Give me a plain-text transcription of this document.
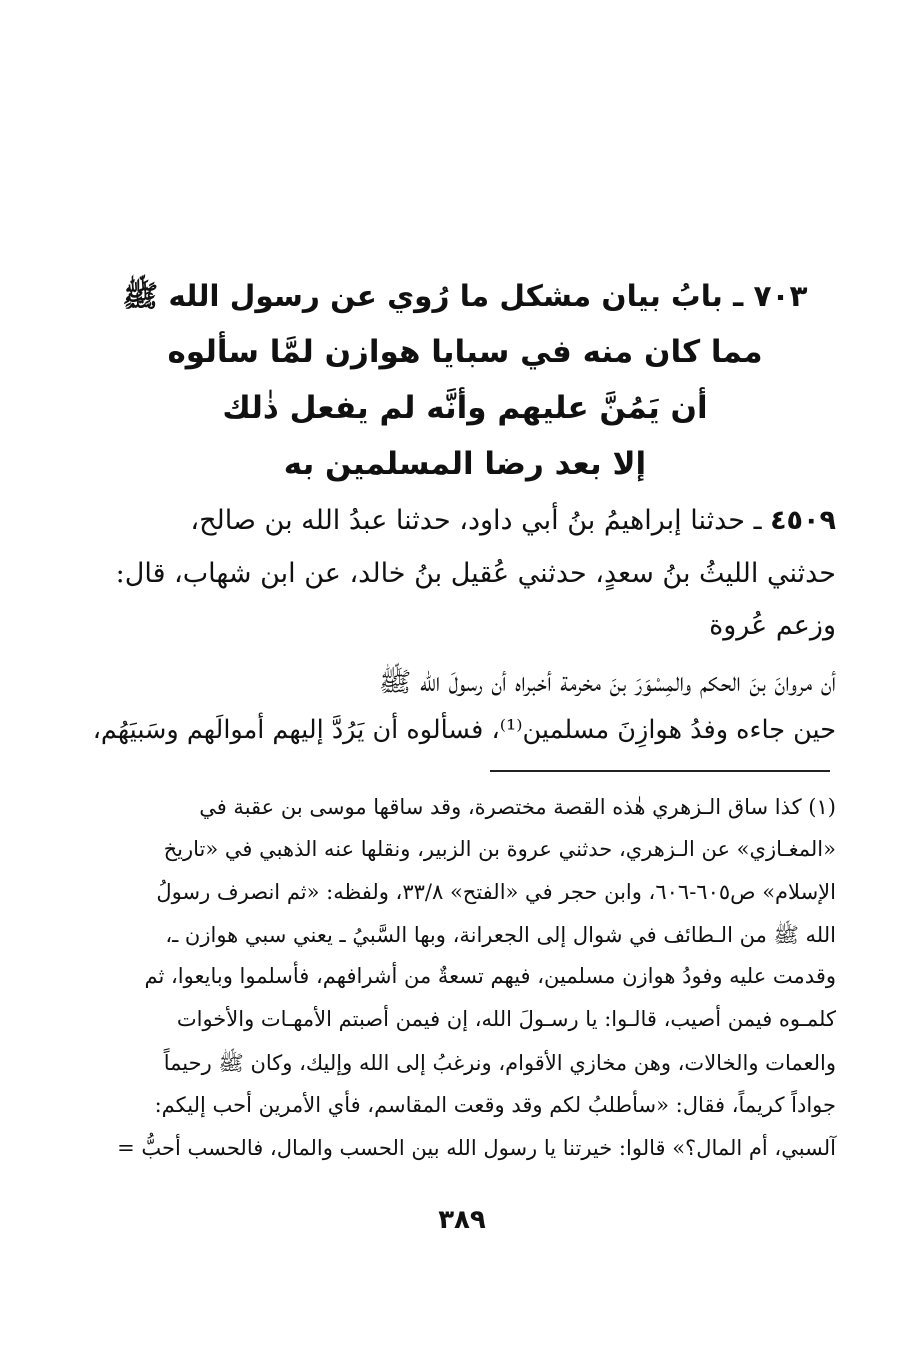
٧٠٣ ـ بابُ بيان مشكل ما رُوي عن رسول الله ﷺ
مما كان منه في سبايا هوازن لمَّا سألوه
أن يَمُنَّ عليهم وأنَّه لم يفعل ذٰلك
إلا بعد رضا المسلمين به
٤٥٠٩ ـ حدثنا إبراهيمُ بنُ أبي داود، حدثنا عبدُ الله بن صالح،
حدثني الليثُ بنُ سعدٍ، حدثني عُقيل بنُ خالد، عن ابن شهاب، قال:
وزعم عُروة
أن مروانَ بنَ الحكم والمِسْوَرَ بنَ مخرمة أخبراه أن رسولَ الله ﷺ
حين جاءه وفدُ هوازِنَ مسلمين⁽¹⁾، فسألوه أن يَرُدَّ إليهم أموالَهم وسَبيَهُم،
(١) كذا ساق الـزهري هٰذه القصة مختصرة، وقد ساقها موسى بن عقبة في
«المغـازي» عن الـزهري، حدثني عروة بن الزبير، ونقلها عنه الذهبي في «تاريخ
الإسلام» ص٦٠٥-٦٠٦، وابن حجر في «الفتح» ٣٣/٨، ولفظه: «ثم انصرف رسولُ
الله ﷺ من الـطائف في شوال إلى الجعرانة، وبها السَّبيُ ـ يعني سبي هوازن ـ،
وقدمت عليه وفودُ هوازن مسلمين، فيهم تسعةٌ من أشرافهم، فأسلموا وبايعوا، ثم
كلمـوه فيمن أصيب، قالـوا: يا رسـولَ الله، إن فيمن أصبتم الأمهـات والأخوات
والعمات والخالات، وهن مخازي الأقوام، ونرغبُ إلى الله وإليك، وكان ﷺ رحيماً
جواداً كريماً، فقال: «سأطلبُ لكم وقد وقعت المقاسم، فأي الأمرين أحب إليكم:
آلسبي، أم المال؟» قالوا: خيرتنا يا رسول الله بين الحسب والمال، فالحسب أحبُّ =
٣٨٩
